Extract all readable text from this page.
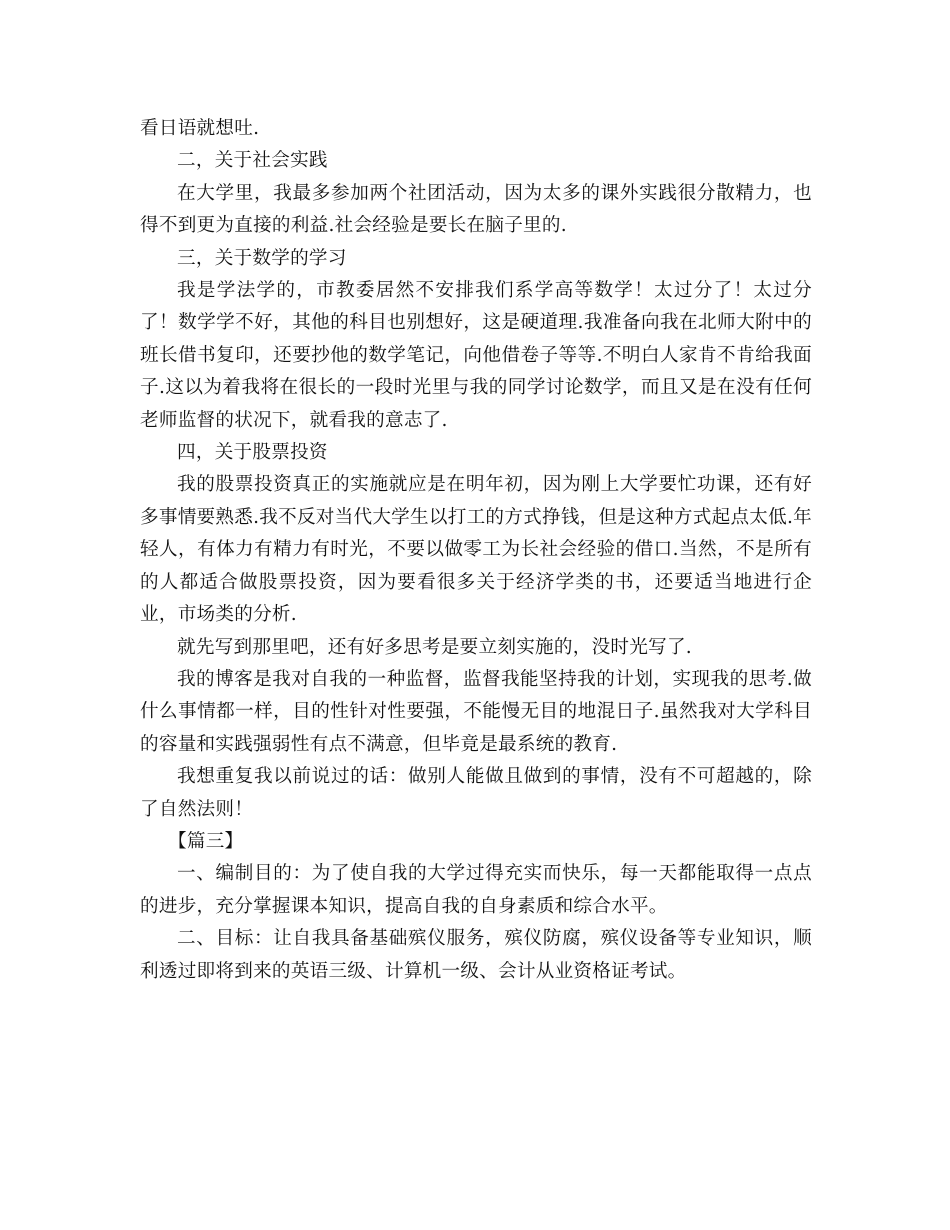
看日语就想吐.

二，关于社会实践

在大学里，我最多参加两个社团活动，因为太多的课外实践很分散精力，也得不到更为直接的利益.社会经验是要长在脑子里的.

三，关于数学的学习

我是学法学的，市教委居然不安排我们系学高等数学！太过分了！太过分了！数学学不好，其他的科目也别想好，这是硬道理.我准备向我在北师大附中的班长借书复印，还要抄他的数学笔记，向他借卷子等等.不明白人家肯不肯给我面子.这以为着我将在很长的一段时光里与我的同学讨论数学，而且又是在没有任何老师监督的状况下，就看我的意志了.

四，关于股票投资

我的股票投资真正的实施就应是在明年初，因为刚上大学要忙功课，还有好多事情要熟悉.我不反对当代大学生以打工的方式挣钱，但是这种方式起点太低.年轻人，有体力有精力有时光，不要以做零工为长社会经验的借口.当然，不是所有的人都适合做股票投资，因为要看很多关于经济学类的书，还要适当地进行企业，市场类的分析.

就先写到那里吧，还有好多思考是要立刻实施的，没时光写了.

我的博客是我对自我的一种监督，监督我能坚持我的计划，实现我的思考.做什么事情都一样，目的性针对性要强，不能慢无目的地混日子.虽然我对大学科目的容量和实践强弱性有点不满意，但毕竟是最系统的教育.

我想重复我以前说过的话：做别人能做且做到的事情，没有不可超越的，除了自然法则！

【篇三】

一、编制目的：为了使自我的大学过得充实而快乐，每一天都能取得一点点的进步，充分掌握课本知识，提高自我的自身素质和综合水平。

二、目标：让自我具备基础殡仪服务，殡仪防腐，殡仪设备等专业知识，顺利透过即将到来的英语三级、计算机一级、会计从业资格证考试。
